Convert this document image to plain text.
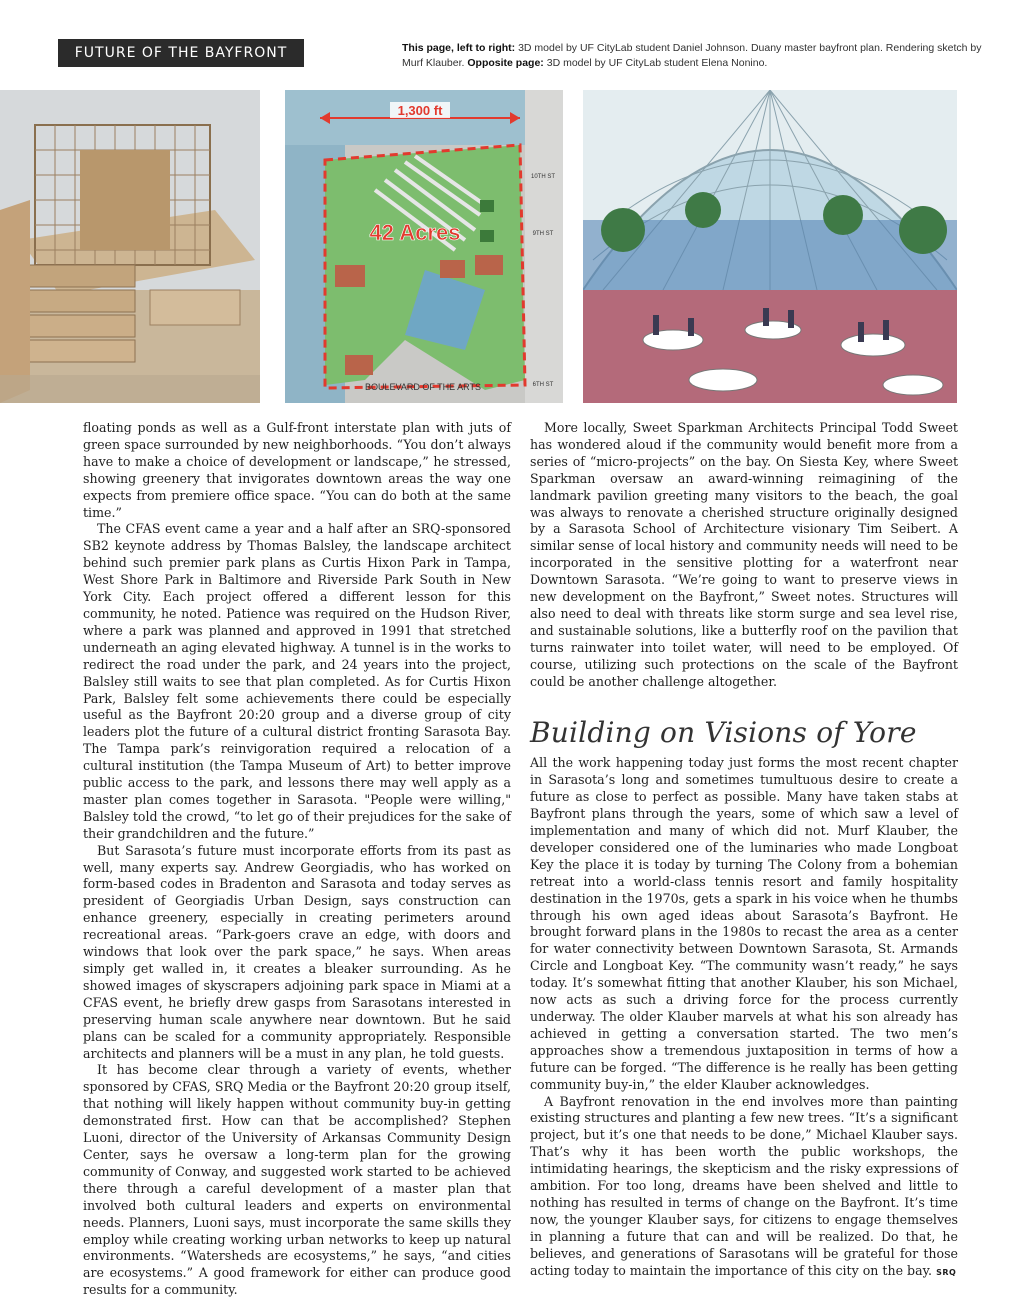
FUTURE OF THE BAYFRONT	This page, left to right: 3D model by UF CityLab student Daniel Johnson. Duany master bayfront plan. Rendering sketch by Murf Klauber. Opposite page: 3D model by UF CityLab student Elena Nonino.
1,300 ft
42 Acres
BOULEVARD OF THE ARTS
10TH ST
9TH ST
6TH ST

floating ponds as well as a Gulf-front interstate plan with juts of green space surrounded by new neighborhoods. “You don’t always have to make a choice of development or landscape,” he stressed, showing greenery that invigorates downtown areas the way one expects from premiere office space. “You can do both at the same time.”

The CFAS event came a year and a half after an SRQ-sponsored SB2 keynote address by Thomas Balsley, the landscape architect behind such premier park plans as Curtis Hixon Park in Tampa, West Shore Park in Baltimore and Riverside Park South in New York City. Each project offered a different lesson for this community, he noted. Patience was required on the Hudson River, where a park was planned and approved in 1991 that stretched underneath an aging elevated highway. A tunnel is in the works to redirect the road under the park, and 24 years into the project, Balsley still waits to see that plan completed. As for Curtis Hixon Park, Balsley felt some achievements there could be especially useful as the Bayfront 20:20 group and a diverse group of city leaders plot the future of a cultural district fronting Sarasota Bay. The Tampa park’s reinvigoration required a relocation of a cultural institution (the Tampa Museum of Art) to better improve public access to the park, and lessons there may well apply as a master plan comes together in Sarasota. "People were willing," Balsley told the crowd, “to let go of their prejudices for the sake of their grandchildren and the future.”

But Sarasota’s future must incorporate efforts from its past as well, many experts say. Andrew Georgiadis, who has worked on form-based codes in Bradenton and Sarasota and today serves as president of Georgiadis Urban Design, says construction can enhance greenery, especially in creating perimeters around recreational areas. “Park-goers crave an edge, with doors and windows that look over the park space,” he says. When areas simply get walled in, it creates a bleaker surrounding. As he showed images of skyscrapers adjoining park space in Miami at a CFAS event, he briefly drew gasps from Sarasotans interested in preserving human scale anywhere near downtown. But he said plans can be scaled for a community appropriately. Responsible architects and planners will be a must in any plan, he told guests.

It has become clear through a variety of events, whether sponsored by CFAS, SRQ Media or the Bayfront 20:20 group itself, that nothing will likely happen without community buy-in getting demonstrated first. How can that be accomplished? Stephen Luoni, director of the University of Arkansas Community Design Center, says he oversaw a long-term plan for the growing community of Conway, and suggested work started to be achieved there through a careful development of a master plan that involved both cultural leaders and experts on environmental needs. Planners, Luoni says, must incorporate the same skills they employ while creating working urban networks to keep up natural environments. “Watersheds are ecosystems,” he says, “and cities are ecosystems.” A good framework for either can produce good results for a community.

More locally, Sweet Sparkman Architects Principal Todd Sweet has wondered aloud if the community would benefit more from a series of “micro-projects” on the bay. On Siesta Key, where Sweet Sparkman oversaw an award-winning reimagining of the landmark pavilion greeting many visitors to the beach, the goal was always to renovate a cherished structure originally designed by a Sarasota School of Architecture visionary Tim Seibert. A similar sense of local history and community needs will need to be incorporated in the sensitive plotting for a waterfront near Downtown Sarasota. “We’re going to want to preserve views in new development on the Bayfront,” Sweet notes. Structures will also need to deal with threats like storm surge and sea level rise, and sustainable solutions, like a butterfly roof on the pavilion that turns rainwater into toilet water, will need to be employed. Of course, utilizing such protections on the scale of the Bayfront could be another challenge altogether.

Building on Visions of Yore

All the work happening today just forms the most recent chapter in Sarasota’s long and sometimes tumultuous desire to create a future as close to perfect as possible. Many have taken stabs at Bayfront plans through the years, some of which saw a level of implementation and many of which did not. Murf Klauber, the developer considered one of the luminaries who made Longboat Key the place it is today by turning The Colony from a bohemian retreat into a world-class tennis resort and family hospitality destination in the 1970s, gets a spark in his voice when he thumbs through his own aged ideas about Sarasota’s Bayfront. He brought forward plans in the 1980s to recast the area as a center for water connectivity between Downtown Sarasota, St. Armands Circle and Longboat Key. “The community wasn’t ready,” he says today. It’s somewhat fitting that another Klauber, his son Michael, now acts as such a driving force for the process currently underway. The older Klauber marvels at what his son already has achieved in getting a conversation started. The two men’s approaches show a tremendous juxtaposition in terms of how a future can be forged. “The difference is he really has been getting community buy-in,” the elder Klauber acknowledges.

A Bayfront renovation in the end involves more than painting existing structures and planting a few new trees. “It’s a significant project, but it’s one that needs to be done,” Michael Klauber says. That’s why it has been worth the public workshops, the intimidating hearings, the skepticism and the risky expressions of ambition. For too long, dreams have been shelved and little to nothing has resulted in terms of change on the Bayfront. It’s time now, the younger Klauber says, for citizens to engage themselves in planning a future that can and will be realized. Do that, he believes, and generations of Sarasotans will be grateful for those acting today to maintain the importance of this city on the bay. SRQ
